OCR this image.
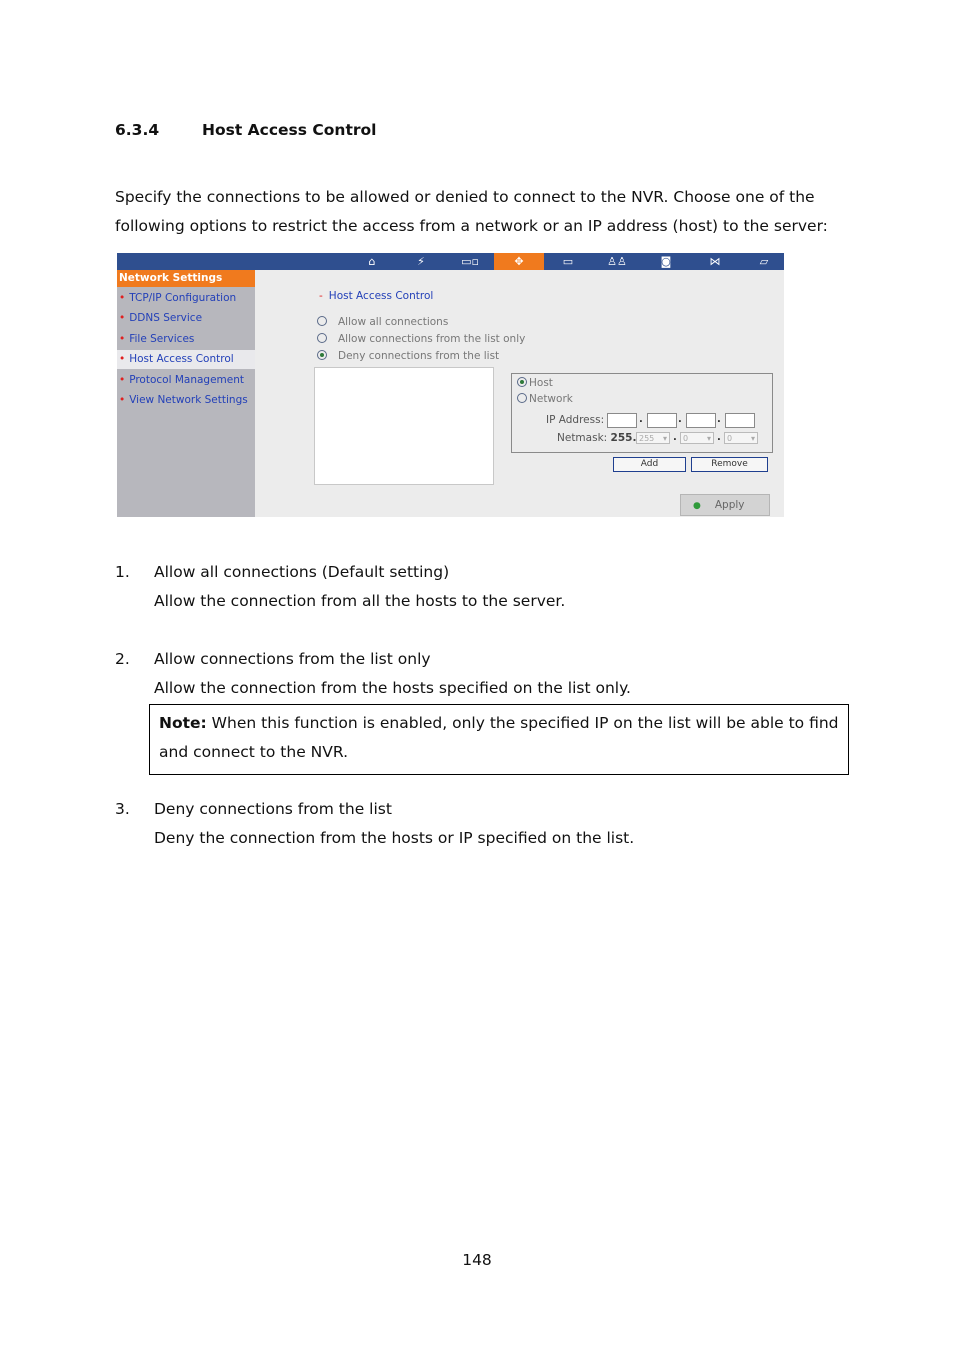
6.3.4	Host Access Control
Specify the connections to be allowed or denied to connect to the NVR. Choose one of the following options to restrict the access from a network or an IP address (host) to the server:
⌂	⚡	▭▫	✥	▭	♙♙	◙	⋈	▱
Network Settings
• TCP/IP Configuration
• DDNS Service
• File Services
• Host Access Control
• Protocol Management
• View Network Settings
- Host Access Control
Allow all connections
Allow connections from the list only
Deny connections from the list
Host
Network
IP Address:	.	.	.
Netmask: 255. 255 ▾ . 0 ▾ . 0 ▾
Add	Remove
● Apply
1. Allow all connections (Default setting)
Allow the connection from all the hosts to the server.
2. Allow connections from the list only
Allow the connection from the hosts specified on the list only.
Note: When this function is enabled, only the specified IP on the list will be able to find and connect to the NVR.
3. Deny connections from the list
Deny the connection from the hosts or IP specified on the list.
148
